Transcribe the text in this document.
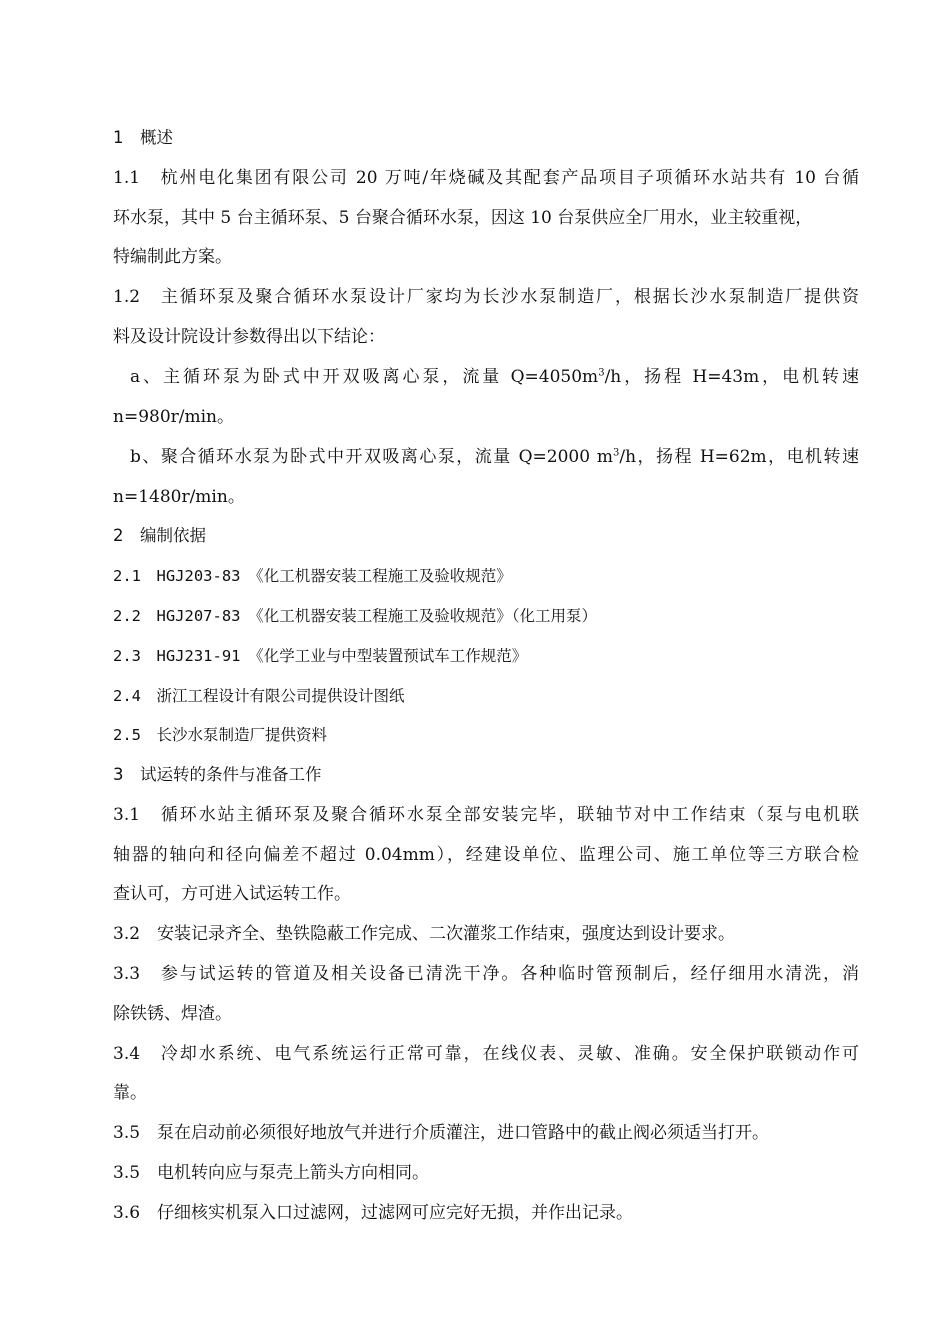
1　概述
1.1　杭州电化集团有限公司 20 万吨/年烧碱及其配套产品项目子项循环水站共有 10 台循
环水泵，其中 5 台主循环泵、5 台聚合循环水泵，因这 10 台泵供应全厂用水，业主较重视，
特编制此方案。
1.2　主循环泵及聚合循环水泵设计厂家均为长沙水泵制造厂，根据长沙水泵制造厂提供资
料及设计院设计参数得出以下结论：
a、主循环泵为卧式中开双吸离心泵，流量 $Q=4050m^3/h$，扬程 H=43m，电机转速
n=980r/min。
b、聚合循环水泵为卧式中开双吸离心泵，流量 Q=2000 $m^3/h$，扬程 H=62m，电机转速
n=1480r/min。
2　编制依据
2.1　HGJ203-83　《化工机器安装工程施工及验收规范》
2.2　HGJ207-83　《化工机器安装工程施工及验收规范》（化工用泵）
2.3　HGJ231-91　《化学工业与中型装置预试车工作规范》
2.4　浙江工程设计有限公司提供设计图纸
2.5　长沙水泵制造厂提供资料
3　试运转的条件与准备工作
3.1　循环水站主循环泵及聚合循环水泵全部安装完毕，联轴节对中工作结束（泵与电机联
轴器的轴向和径向偏差不超过 0.04mm），经建设单位、监理公司、施工单位等三方联合检
查认可，方可进入试运转工作。
3.2　安装记录齐全、垫铁隐蔽工作完成、二次灌浆工作结束，强度达到设计要求。
3.3　参与试运转的管道及相关设备已清洗干净。各种临时管预制后，经仔细用水清洗，消
除铁锈、焊渣。
3.4　冷却水系统、电气系统运行正常可靠，在线仪表、灵敏、准确。安全保护联锁动作可
靠。
3.5　泵在启动前必须很好地放气并进行介质灌注，进口管路中的截止阀必须适当打开。
3.5　电机转向应与泵壳上箭头方向相同。
3.6　仔细核实机泵入口过滤网，过滤网可应完好无损，并作出记录。
